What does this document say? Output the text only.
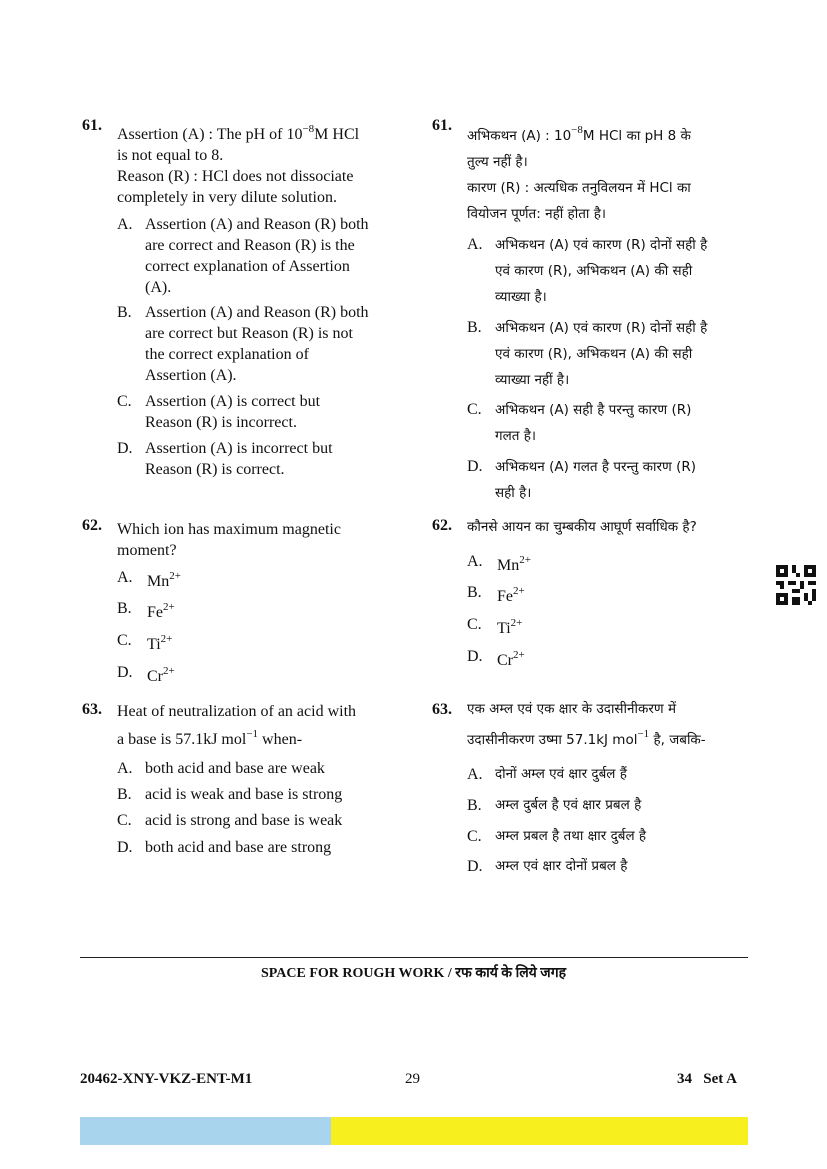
61.
Assertion (A) : The pH of $10^{-8}M$ HCl
is not equal to 8.
Reason (R) : HCl does not dissociate
completely in very dilute solution.
A. Assertion (A) and Reason (R) both
are correct and Reason (R) is the
correct explanation of Assertion
(A).
B. Assertion (A) and Reason (R) both
are correct but Reason (R) is not
the correct explanation of
Assertion (A).
C. Assertion (A) is correct but
Reason (R) is incorrect.
D. Assertion (A) is incorrect but
Reason (R) is correct.
62. Which ion has maximum magnetic
moment?
A. $Mn^{2+}$
B. $Fe^{2+}$
C. $Ti^{2+}$
D. $Cr^{2+}$
63. Heat of neutralization of an acid with
a base is 57.1kJ mol$^{-1}$ when-
A. both acid and base are weak
B. acid is weak and base is strong
C. acid is strong and base is weak
D. both acid and base are strong
61.
अभिकथन (A) : $10^{-8}M$ HCl का pH 8 के
तुल्य नहीं है।
कारण (R) : अत्यधिक तनुविलयन में HCl का
वियोजन पूर्णत: नहीं होता है।
A. अभिकथन (A) एवं कारण (R) दोनों सही है
एवं कारण (R), अभिकथन (A) की सही
व्याख्या है।
B. अभिकथन (A) एवं कारण (R) दोनों सही है
एवं कारण (R), अभिकथन (A) की सही
व्याख्या नहीं है।
C. अभिकथन (A) सही है परन्तु कारण (R)
गलत है।
D. अभिकथन (A) गलत है परन्तु कारण (R)
सही है।
62. कौनसे आयन का चुम्बकीय आघूर्ण सर्वाधिक है?
A. $Mn^{2+}$
B. $Fe^{2+}$
C. $Ti^{2+}$
D. $Cr^{2+}$
63. एक अम्ल एवं एक क्षार के उदासीनीकरण में
उदासीनीकरण उष्मा 57.1kJ mol$^{-1}$ है, जबकि-
A. दोनों अम्ल एवं क्षार दुर्बल हैं
B. अम्ल दुर्बल है एवं क्षार प्रबल है
C. अम्ल प्रबल है तथा क्षार दुर्बल है
D. अम्ल एवं क्षार दोनों प्रबल है
SPACE FOR ROUGH WORK / रफ कार्य के लिये जगह
20462-XNY-VKZ-ENT-M1	29	34   Set A
